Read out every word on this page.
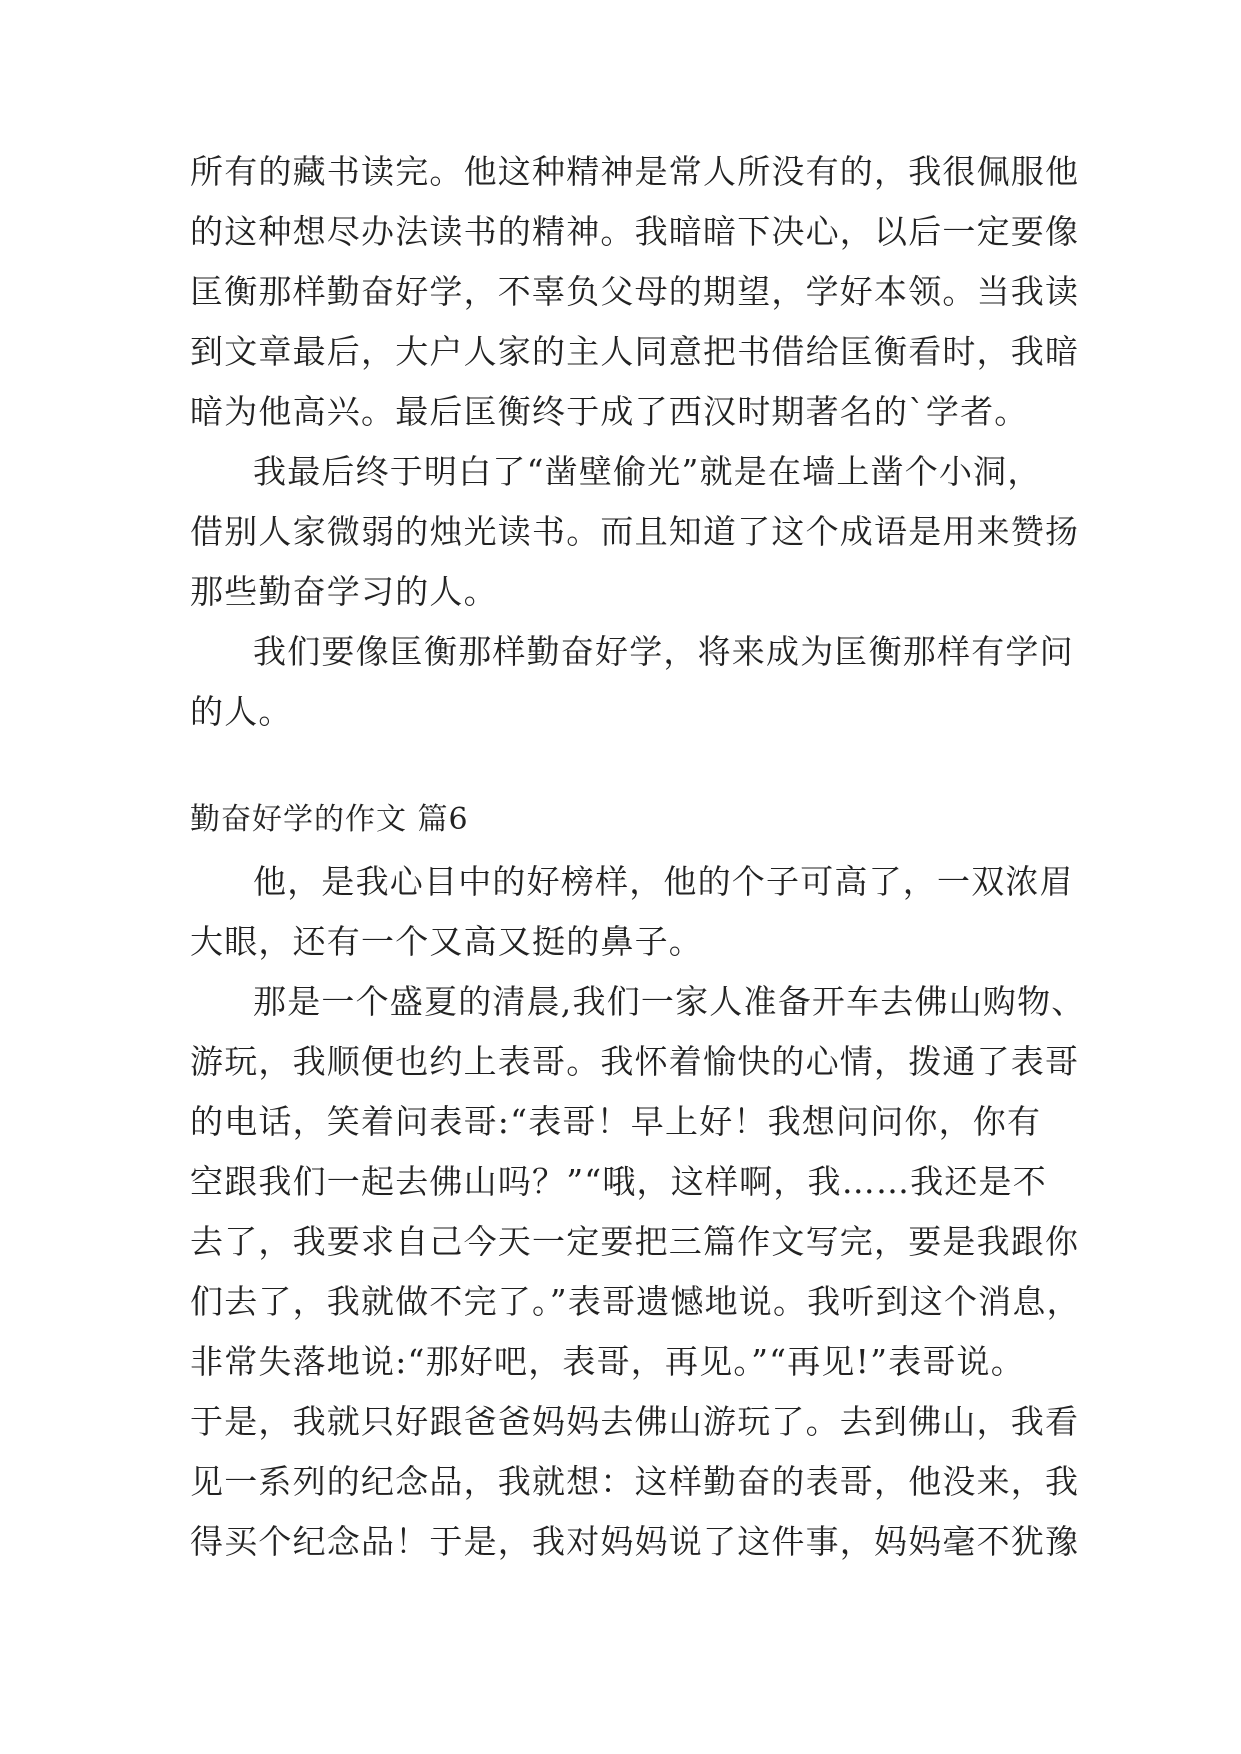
所有的藏书读完。他这种精神是常人所没有的，我很佩服他
的这种想尽办法读书的精神。我暗暗下决心，以后一定要像
匡衡那样勤奋好学，不辜负父母的期望，学好本领。当我读
到文章最后，大户人家的主人同意把书借给匡衡看时，我暗
暗为他高兴。最后匡衡终于成了西汉时期著名的`学者。
我最后终于明白了“凿壁偷光”就是在墙上凿个小洞，
借别人家微弱的烛光读书。而且知道了这个成语是用来赞扬
那些勤奋学习的人。
我们要像匡衡那样勤奋好学，将来成为匡衡那样有学问
的人。
勤奋好学的作文 篇6
他，是我心目中的好榜样，他的个子可高了，一双浓眉
大眼，还有一个又高又挺的鼻子。
那是一个盛夏的清晨,我们一家人准备开车去佛山购物、
游玩，我顺便也约上表哥。我怀着愉快的心情，拨通了表哥
的电话，笑着问表哥:“表哥！早上好！我想问问你，你有
空跟我们一起去佛山吗？”“哦，这样啊，我……我还是不
去了，我要求自己今天一定要把三篇作文写完，要是我跟你
们去了，我就做不完了。”表哥遗憾地说。我听到这个消息，
非常失落地说:“那好吧，表哥，再见。”“再见!”表哥说。
于是，我就只好跟爸爸妈妈去佛山游玩了。去到佛山，我看
见一系列的纪念品，我就想：这样勤奋的表哥，他没来，我
得买个纪念品！于是，我对妈妈说了这件事，妈妈毫不犹豫
